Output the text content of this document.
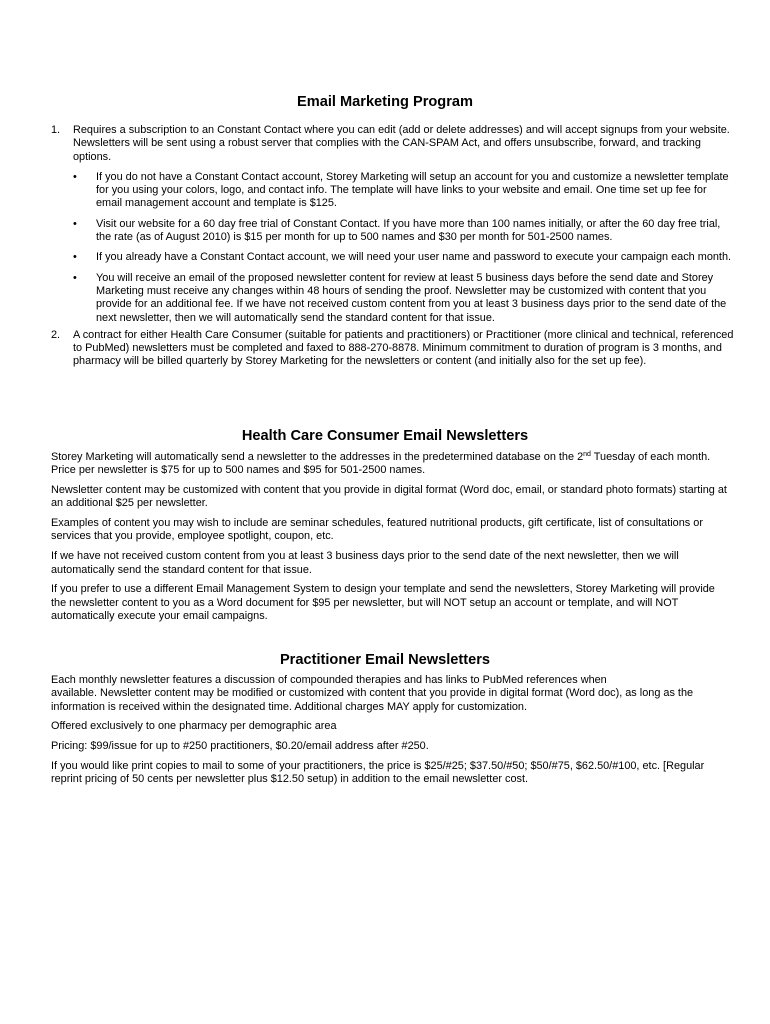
Email Marketing Program
1. Requires a subscription to an Constant Contact where you can edit (add or delete addresses) and will accept signups from your website. Newsletters will be sent using a robust server that complies with the CAN-SPAM Act, and offers unsubscribe, forward, and tracking options.

• If you do not have a Constant Contact account, Storey Marketing will setup an account for you and customize a newsletter template for you using your colors, logo, and contact info. The template will have links to your website and email. One time set up fee for email management account and template is $125.
• Visit our website for a 60 day free trial of Constant Contact. If you have more than 100 names initially, or after the 60 day free trial, the rate (as of August 2010) is $15 per month for up to 500 names and $30 per month for 501-2500 names.
• If you already have a Constant Contact account, we will need your user name and password to execute your campaign each month.
• You will receive an email of the proposed newsletter content for review at least 5 business days before the send date and Storey Marketing must receive any changes within 48 hours of sending the proof. Newsletter may be customized with content that you provide for an additional fee. If we have not received custom content from you at least 3 business days prior to the send date of the next newsletter, then we will automatically send the standard content for that issue.
2. A contract for either Health Care Consumer (suitable for patients and practitioners) or Practitioner (more clinical and technical, referenced to PubMed) newsletters must be completed and faxed to 888-270-8878. Minimum commitment to duration of program is 3 months, and pharmacy will be billed quarterly by Storey Marketing for the newsletters or content (and initially also for the set up fee).

Health Care Consumer Email Newsletters

Storey Marketing will automatically send a newsletter to the addresses in the predetermined database on the 2nd Tuesday of each month. Price per newsletter is $75 for up to 500 names and $95 for 501-2500 names.

Newsletter content may be customized with content that you provide in digital format (Word doc, email, or standard photo formats) starting at an additional $25 per newsletter.

Examples of content you may wish to include are seminar schedules, featured nutritional products, gift certificate, list of consultations or services that you provide, employee spotlight, coupon, etc.

If we have not received custom content from you at least 3 business days prior to the send date of the next newsletter, then we will automatically send the standard content for that issue.

If you prefer to use a different Email Management System to design your template and send the newsletters, Storey Marketing will provide the newsletter content to you as a Word document for $95 per newsletter, but will NOT setup an account or template, and will NOT automatically execute your email campaigns.

Practitioner Email Newsletters

Each monthly newsletter features a discussion of compounded therapies and has links to PubMed references when
available. Newsletter content may be modified or customized with content that you provide in digital format (Word doc), as long as the information is received within the designated time. Additional charges MAY apply for customization.

Offered exclusively to one pharmacy per demographic area

Pricing: $99/issue for up to #250 practitioners, $0.20/email address after #250.

If you would like print copies to mail to some of your practitioners, the price is $25/#25; $37.50/#50; $50/#75, $62.50/#100, etc. [Regular reprint pricing of 50 cents per newsletter plus $12.50 setup) in addition to the email newsletter cost.
